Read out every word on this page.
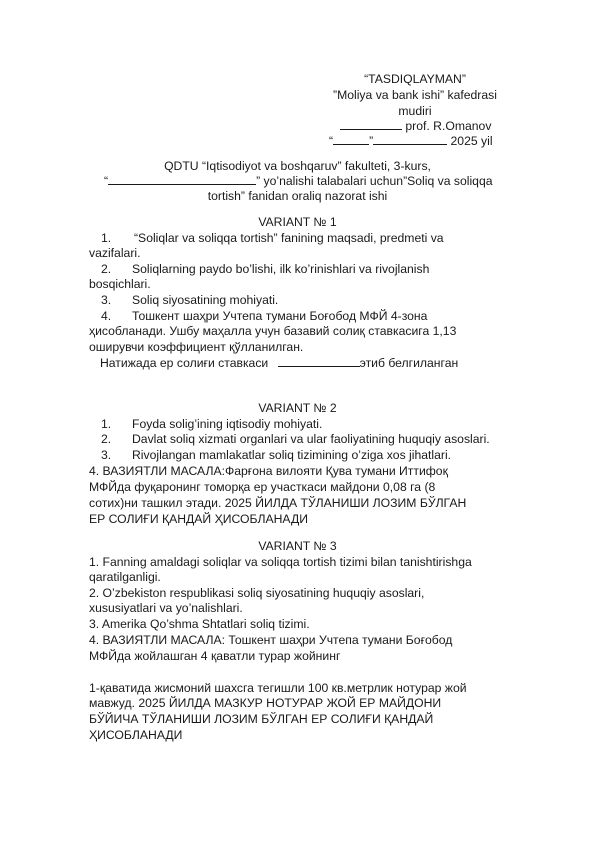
“TASDIQLAYMAN”
”Moliya va bank ishi” kafedrasi
mudiri
prof. R.Omanov
“	”	2025 yil
QDTU “Iqtisodiyot va boshqaruv” fakulteti, 3-kurs,
“	” yo’nalishi talabalari uchun”Soliq va soliqqa
tortish” fanidan oraliq nazorat ishi
VARIANT № 1
1. “Soliqlar va soliqqa tortish” fanining maqsadi, predmeti va
vazifalari.
2. Soliqlarning paydo bo’lishi, ilk ko’rinishlari va rivojlanish
bosqichlari.
3. Soliq siyosatining mohiyati.
4. Тошкент шаҳри Учтепа тумани Боғобод МФЙ 4-зона
ҳисобланади. Ушбу маҳалла учун базавий солиқ ставкасига 1,13
оширувчи коэффициент қўлланилган.
Натижада ер солиғи ставкаси	этиб белгиланган
VARIANT № 2
1. Foyda solig’ining iqtisodiy mohiyati.
2. Davlat soliq xizmati organlari va ular faoliyatining huquqiy asoslari.
3. Rivojlangan mamlakatlar soliq tizimining o’ziga xos jihatlari.
4. ВАЗИЯТЛИ МАСАЛА:Фарғона вилояти Қува тумани Иттифоқ
МФЙда фуқаронинг томорқа ер участкаси майдони 0,08 га (8
сотих)ни ташкил этади. 2025 ЙИЛДА ТЎЛАНИШИ ЛОЗИМ БЎЛГАН
ЕР СОЛИҒИ ҚАНДАЙ ҲИСОБЛАНАДИ
VARIANT № 3
1. Fanning amaldagi soliqlar va soliqqa tortish tizimi bilan tanishtirishga
qaratilganligi.
2. O’zbekiston respublikasi soliq siyosatining huquqiy asoslari,
xususiyatlari va yo’nalishlari.
3. Amerika Qo’shma Shtatlari soliq tizimi.
4. ВАЗИЯТЛИ МАСАЛА: Тошкент шаҳри Учтепа тумани Боғобод
МФЙда жойлашган 4 қаватли турар жойнинг
1-қаватида жисмоний шахсга тегишли 100 кв.метрлик нотурар жой
мавжуд. 2025 ЙИЛДА МАЗКУР НОТУРАР ЖОЙ ЕР МАЙДОНИ
БЎЙИЧА ТЎЛАНИШИ ЛОЗИМ БЎЛГАН ЕР СОЛИҒИ ҚАНДАЙ
ҲИСОБЛАНАДИ
